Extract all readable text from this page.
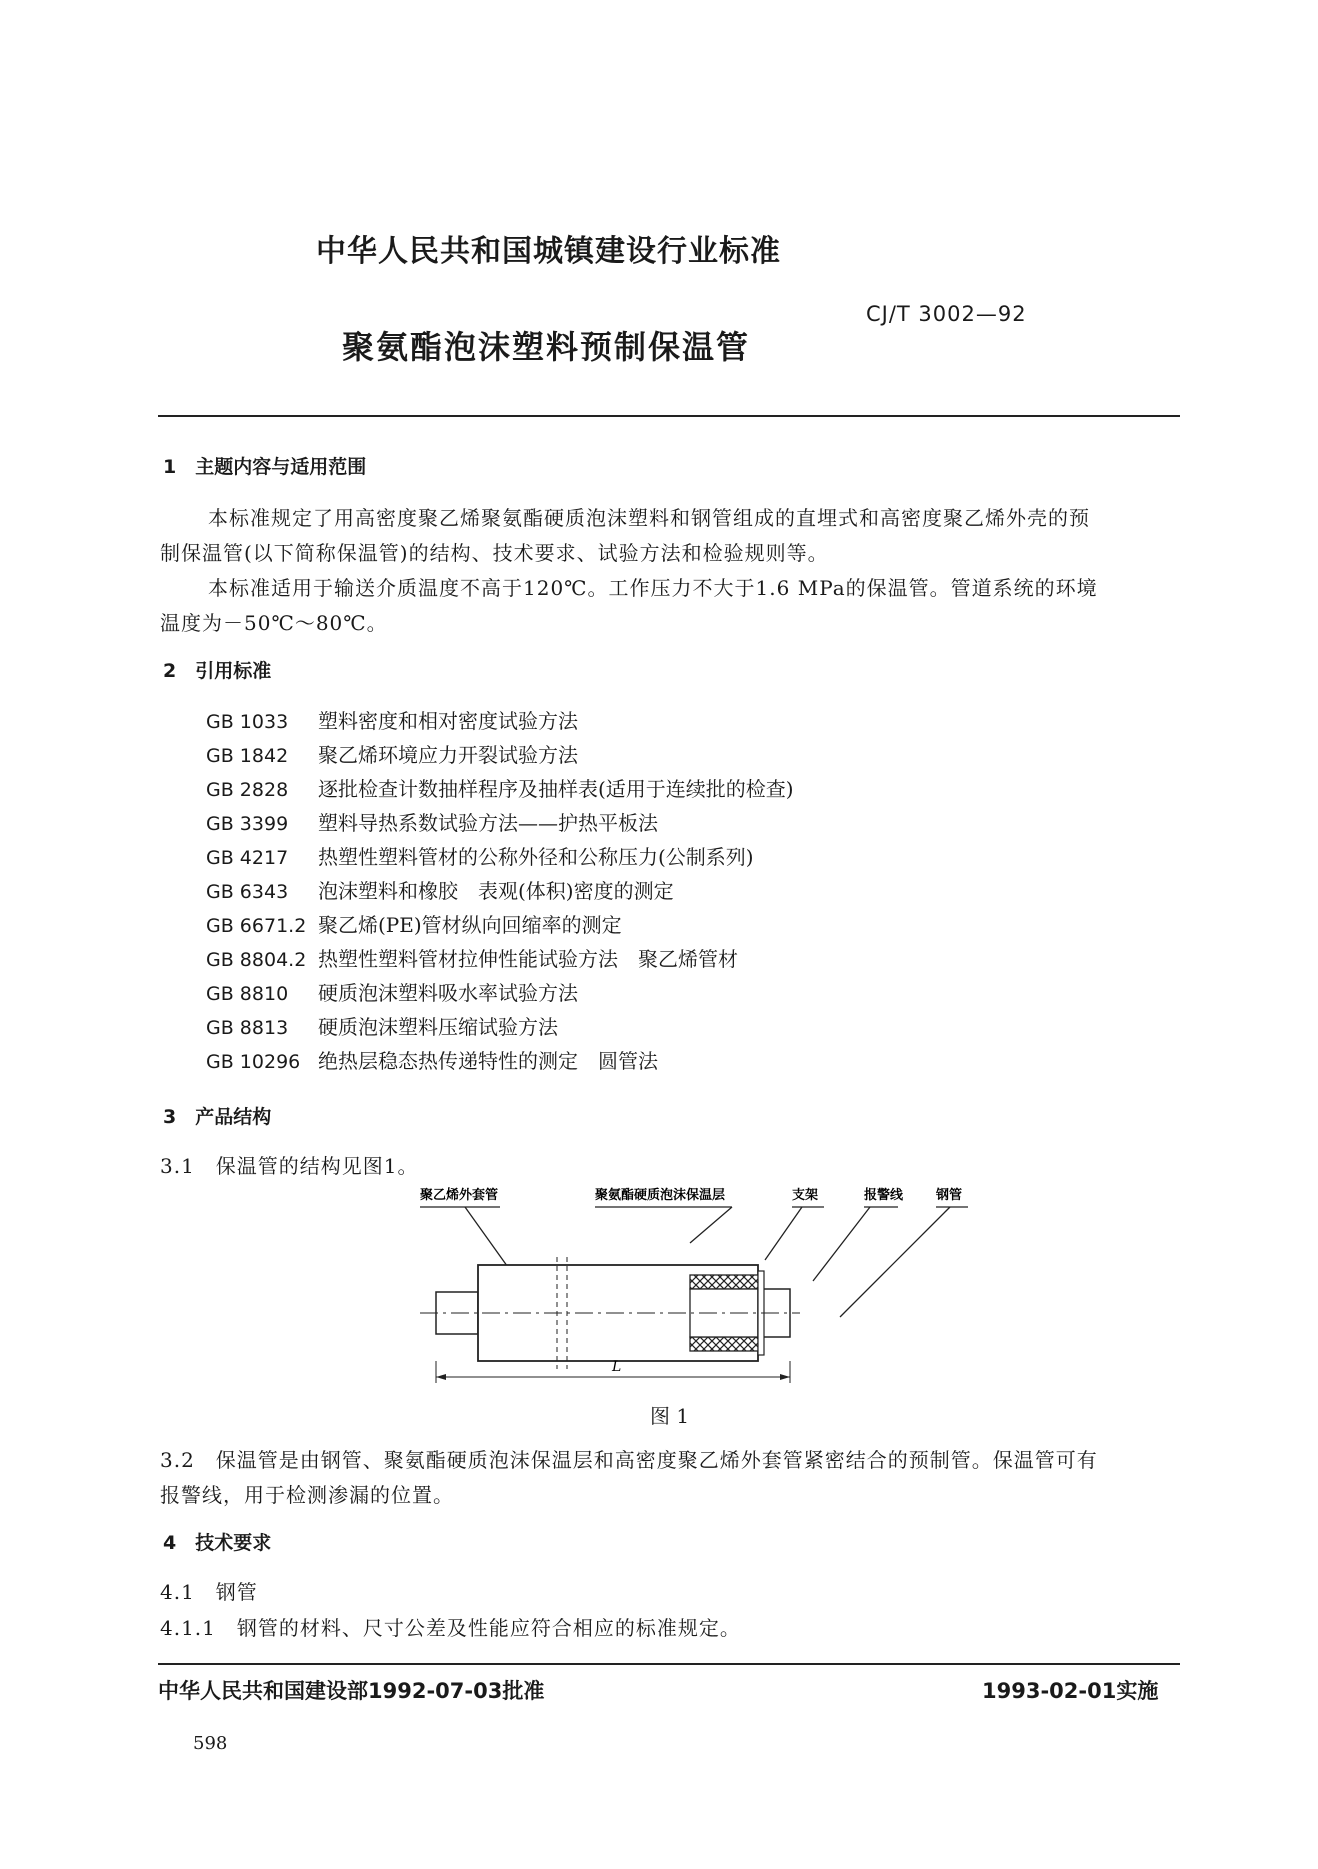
中华人民共和国城镇建设行业标准
CJ/T 3002—92
聚氨酯泡沫塑料预制保温管
1　主题内容与适用范围
本标准规定了用高密度聚乙烯聚氨酯硬质泡沫塑料和钢管组成的直埋式和高密度聚乙烯外壳的预
制保温管(以下简称保温管)的结构、技术要求、试验方法和检验规则等。
本标准适用于输送介质温度不高于120℃。工作压力不大于1.6 MPa的保温管。管道系统的环境
温度为－50℃～80℃。
2　引用标准
GB 1033 塑料密度和相对密度试验方法
GB 1842 聚乙烯环境应力开裂试验方法
GB 2828 逐批检查计数抽样程序及抽样表(适用于连续批的检查)
GB 3399 塑料导热系数试验方法——护热平板法
GB 4217 热塑性塑料管材的公称外径和公称压力(公制系列)
GB 6343 泡沫塑料和橡胶　表观(体积)密度的测定
GB 6671.2 聚乙烯(PE)管材纵向回缩率的测定
GB 8804.2 热塑性塑料管材拉伸性能试验方法　聚乙烯管材
GB 8810 硬质泡沫塑料吸水率试验方法
GB 8813 硬质泡沫塑料压缩试验方法
GB 10296 绝热层稳态热传递特性的测定　圆管法
3　产品结构
3.1　保温管的结构见图1。
聚乙烯外套管	聚氨酯硬质泡沫保温层	支架	报警线	钢管
L
图 1
3.2　保温管是由钢管、聚氨酯硬质泡沫保温层和高密度聚乙烯外套管紧密结合的预制管。保温管可有
报警线，用于检测渗漏的位置。
4　技术要求
4.1　钢管
4.1.1　钢管的材料、尺寸公差及性能应符合相应的标准规定。
中华人民共和国建设部1992-07-03批准	1993-02-01实施
598
